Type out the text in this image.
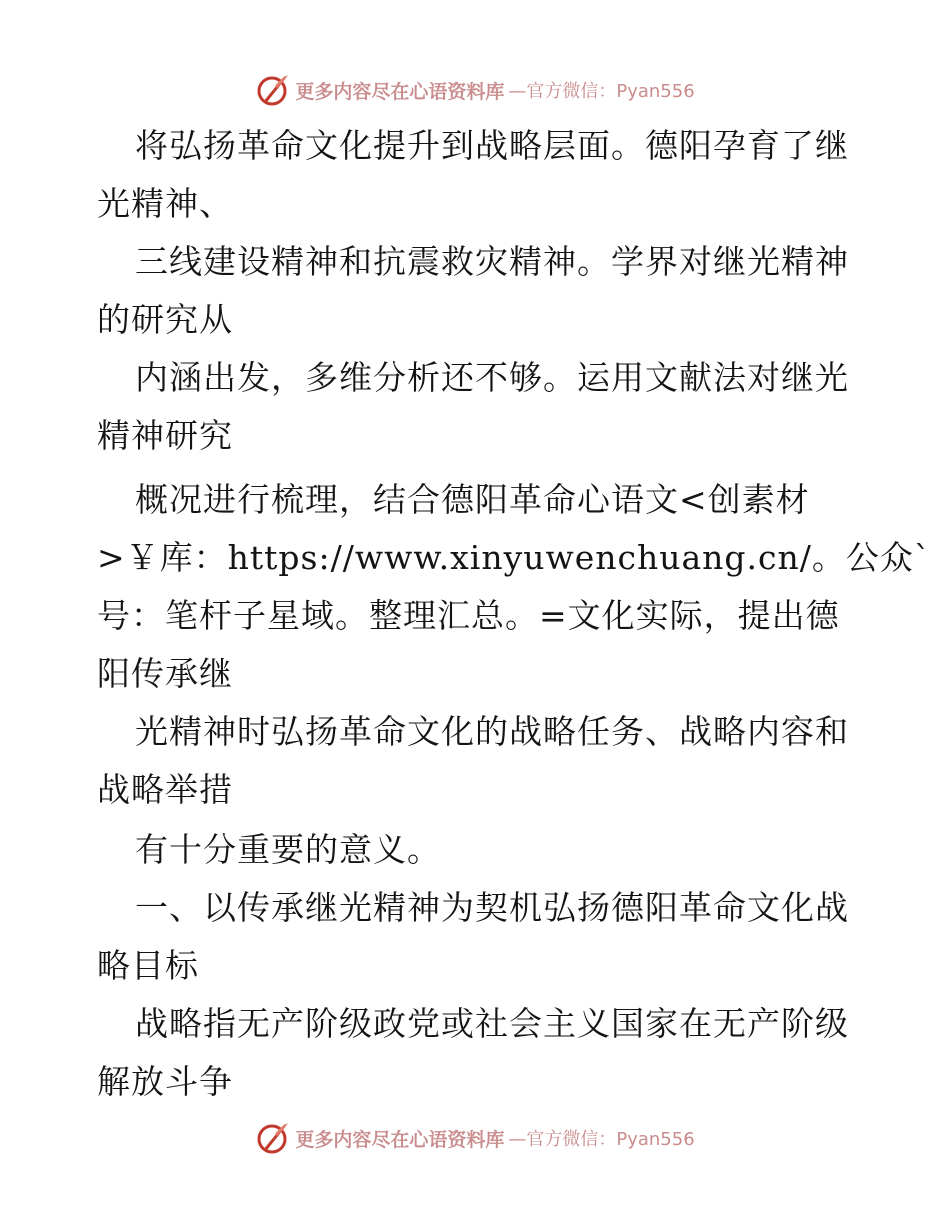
更多内容尽在心语资料库 —官方微信：Pyan556
将弘扬革命文化提升到战略层面。德阳孕育了继
光精神、
三线建设精神和抗震救灾精神。学界对继光精神
的研究从
内涵出发，多维分析还不够。运用文献法对继光
精神研究
概况进行梳理，结合德阳革命心语文<创素材
>￥库：https://www.xinyuwenchuang.cn/。公众`
号：笔杆子星域。整理汇总。=文化实际，提出德
阳传承继
光精神时弘扬革命文化的战略任务、战略内容和
战略举措
有十分重要的意义。
一、以传承继光精神为契机弘扬德阳革命文化战
略目标
战略指无产阶级政党或社会主义国家在无产阶级
解放斗争
更多内容尽在心语资料库 —官方微信：Pyan556
